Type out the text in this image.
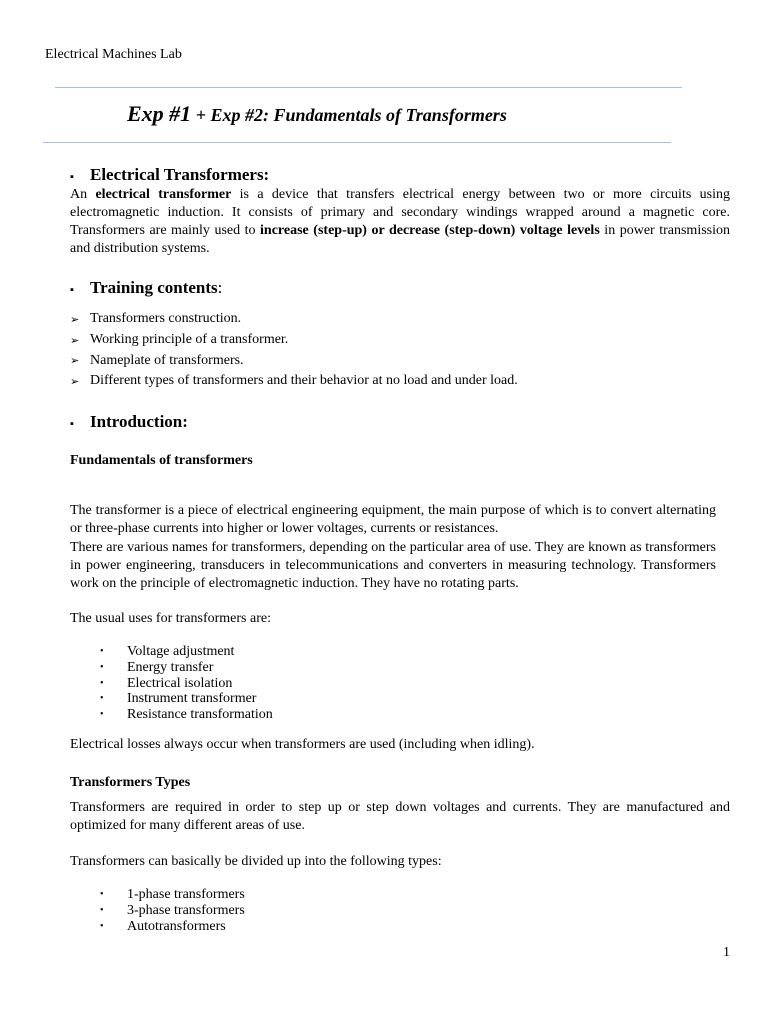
Electrical Machines Lab
Exp #1 + Exp #2: Fundamentals of Transformers
▪ Electrical Transformers:
An electrical transformer is a device that transfers electrical energy between two or more circuits using electromagnetic induction. It consists of primary and secondary windings wrapped around a magnetic core. Transformers are mainly used to increase (step-up) or decrease (step-down) voltage levels in power transmission and distribution systems.
▪ Training contents :
➢ Transformers construction.
➢ Working principle of a transformer.
➢ Nameplate of transformers.
➢ Different types of transformers and their behavior at no load and under load.
▪ Introduction:
Fundamentals of transformers
The transformer is a piece of electrical engineering equipment, the main purpose of which is to convert alternating or three-phase currents into higher or lower voltages, currents or resistances.
There are various names for transformers, depending on the particular area of use. They are known as transformers in power engineering, transducers in telecommunications and converters in measuring technology. Transformers work on the principle of electromagnetic induction. They have no rotating parts.
The usual uses for transformers are:
•	Voltage adjustment
•	Energy transfer
•	Electrical isolation
•	Instrument transformer
•	Resistance transformation
Electrical losses always occur when transformers are used (including when idling).
Transformers Types
Transformers are required in order to step up or step down voltages and currents. They are manufactured and optimized for many different areas of use.
Transformers can basically be divided up into the following types:
•	1-phase transformers
•	3-phase transformers
•	Autotransformers
1
